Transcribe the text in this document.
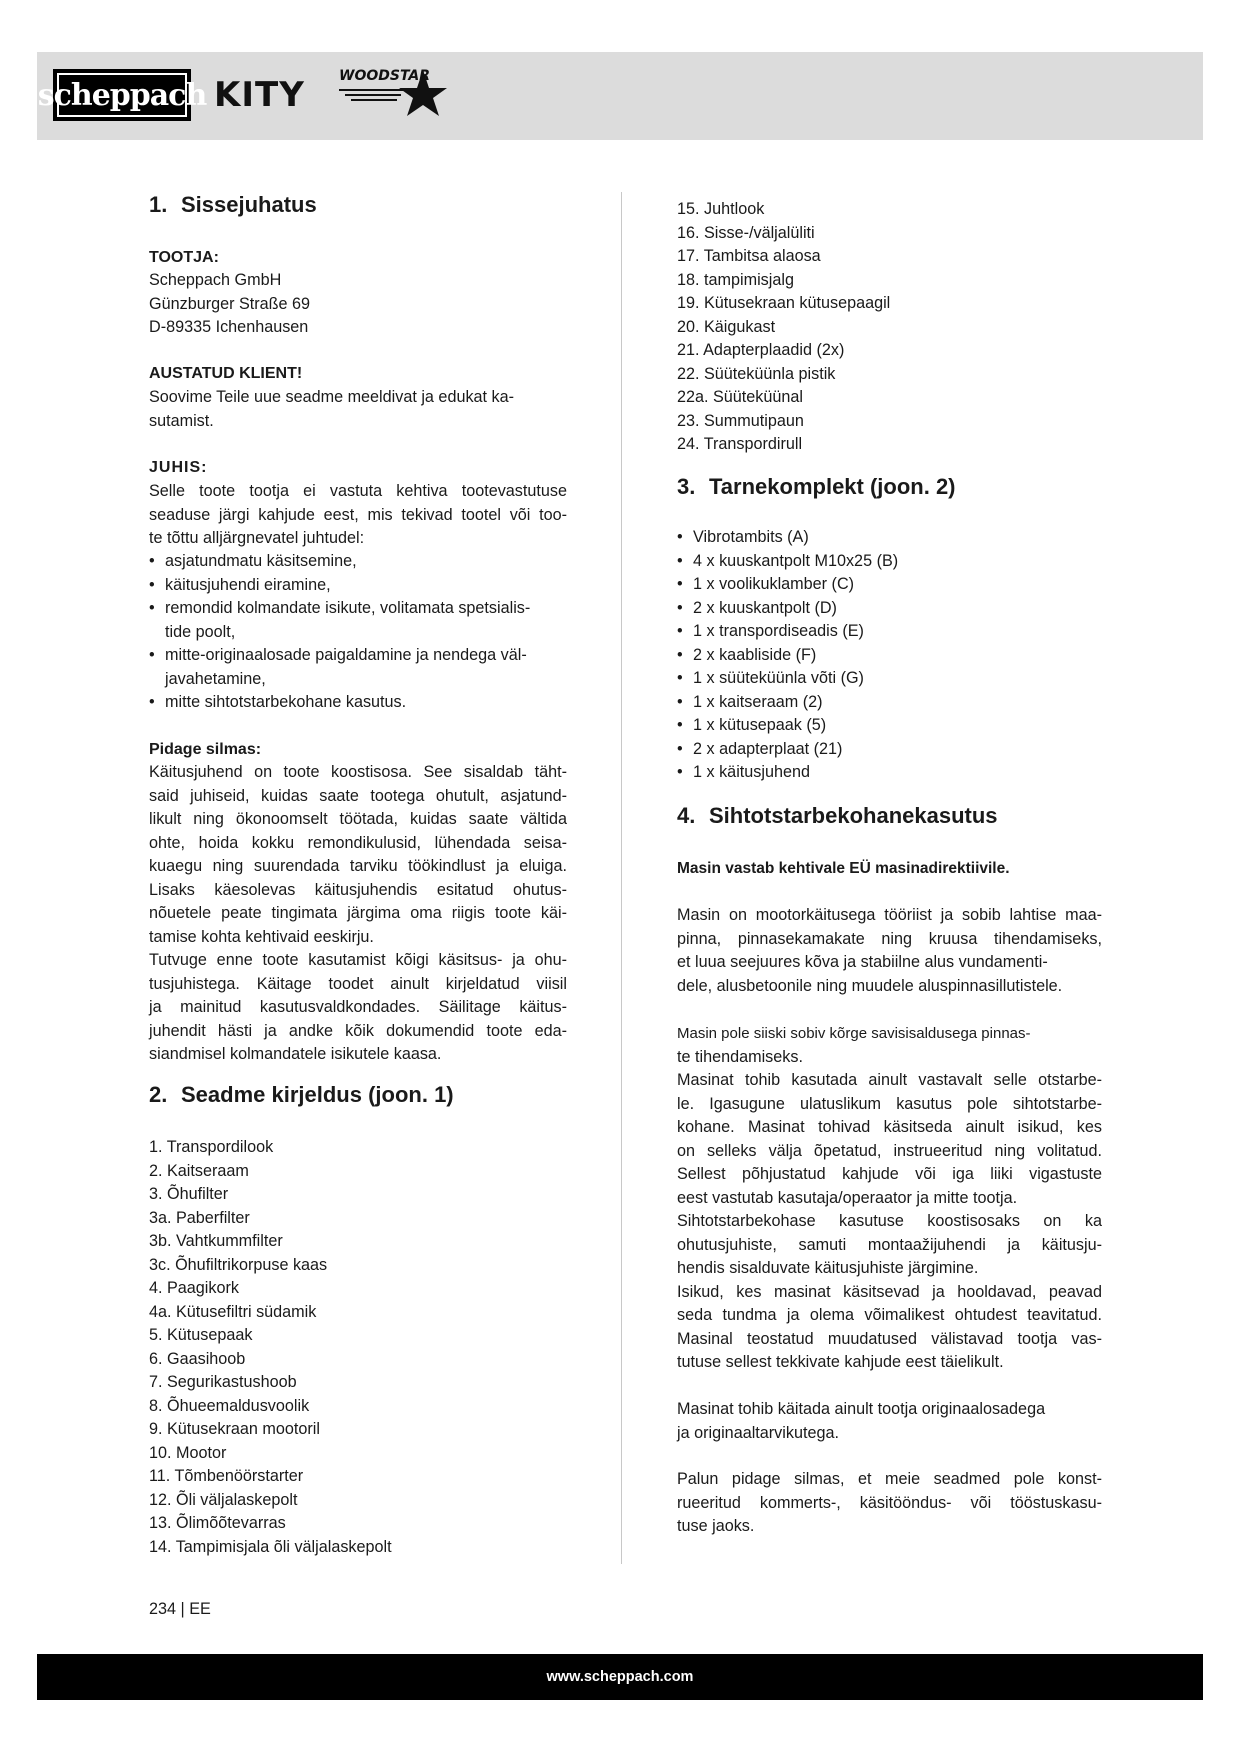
scheppach KITY WOODSTAR
1. Sissejuhatus
TOOTJA:
Scheppach GmbH
Günzburger Straße 69
D-89335 Ichenhausen
AUSTATUD KLIENT!
Soovime Teile uue seadme meeldivat ja edukat ka-
sutamist.
JUHIS:
Selle toote tootja ei vastuta kehtiva tootevastutuse
seaduse järgi kahjude eest, mis tekivad tootel või too-
te tõttu alljärgnevatel juhtudel:
• asjatundmatu käsitsemine,
• käitusjuhendi eiramine,
• remondid kolmandate isikute, volitamata spetsialis-
tide poolt,
• mitte-originaalosade paigaldamine ja nendega väl-
javahetamine,
• mitte sihtotstarbekohane kasutus.
Pidage silmas:
Käitusjuhend on toote koostisosa. See sisaldab täht-
said juhiseid, kuidas saate tootega ohutult, asjatund-
likult ning ökonoomselt töötada, kuidas saate vältida
ohte, hoida kokku remondikulusid, lühendada seisa-
kuaegu ning suurendada tarviku töökindlust ja eluiga.
Lisaks käesolevas käitusjuhendis esitatud ohutus-
nõuetele peate tingimata järgima oma riigis toote käi-
tamise kohta kehtivaid eeskirju.
Tutvuge enne toote kasutamist kõigi käsitsus- ja ohu-
tusjuhistega. Käitage toodet ainult kirjeldatud viisil
ja mainitud kasutusvaldkondades. Säilitage käitus-
juhendit hästi ja andke kõik dokumendid toote eda-
siandmisel kolmandatele isikutele kaasa.
2. Seadme kirjeldus (joon. 1)
1. Transpordilook
2. Kaitseraam
3. Õhufilter
3a. Paberfilter
3b. Vahtkummfilter
3c. Õhufiltrikorpuse kaas
4. Paagikork
4a. Kütusefiltri südamik
5. Kütusepaak
6. Gaasihoob
7. Segurikastushoob
8. Õhueemaldusvoolik
9. Kütusekraan mootoril
10. Mootor
11. Tõmbenöörstarter
12. Õli väljalaskepolt
13. Õlimõõtevarras
14. Tampimisjala õli väljalaskepolt
15. Juhtlook
16. Sisse-/väljalüliti
17. Tambitsa alaosa
18. tampimisjalg
19. Kütusekraan kütusepaagil
20. Käigukast
21. Adapterplaadid (2x)
22. Süüteküünla pistik
22a. Süüteküünal
23. Summutipaun
24. Transpordirull
3. Tarnekomplekt (joon. 2)
• Vibrotambits (A)
• 4 x kuuskantpolt M10x25 (B)
• 1 x voolikuklamber (C)
• 2 x kuuskantpolt (D)
• 1 x transpordiseadis (E)
• 2 x kaabliside (F)
• 1 x süüteküünla võti (G)
• 1 x kaitseraam (2)
• 1 x kütusepaak (5)
• 2 x adapterplaat (21)
• 1 x käitusjuhend
4. Sihtotstarbekohanekasutus
Masin vastab kehtivale EÜ masinadirektiivile.
Masin on mootorkäitusega tööriist ja sobib lahtise maa-
pinna, pinnasekamakate ning kruusa tihendamiseks,
et luua seejuures kõva ja stabiilne alus vundamenti-
dele, alusbetoonile ning muudele aluspinnasillutistele.
Masin pole siiski sobiv kõrge savisisaldusega pinnas-
te tihendamiseks.
Masinat tohib kasutada ainult vastavalt selle otstarbe-
le. Igasugune ulatuslikum kasutus pole sihtotstarbe-
kohane. Masinat tohivad käsitseda ainult isikud, kes
on selleks välja õpetatud, instrueeritud ning volitatud.
Sellest põhjustatud kahjude või iga liiki vigastuste
eest vastutab kasutaja/operaator ja mitte tootja.
Sihtotstarbekohase kasutuse koostisosaks on ka
ohutusjuhiste, samuti montaažijuhendi ja käitusju-
hendis sisalduvate käitusjuhiste järgimine.
Isikud, kes masinat käsitsevad ja hooldavad, peavad
seda tundma ja olema võimalikest ohtudest teavitatud.
Masinal teostatud muudatused välistavad tootja vas-
tutuse sellest tekkivate kahjude eest täielikult.
Masinat tohib käitada ainult tootja originaalosadega
ja originaaltarvikutega.
Palun pidage silmas, et meie seadmed pole konst-
rueeritud kommerts-, käsitööndus- või tööstuskasu-
tuse jaoks.
234 | EE
www.scheppach.com
